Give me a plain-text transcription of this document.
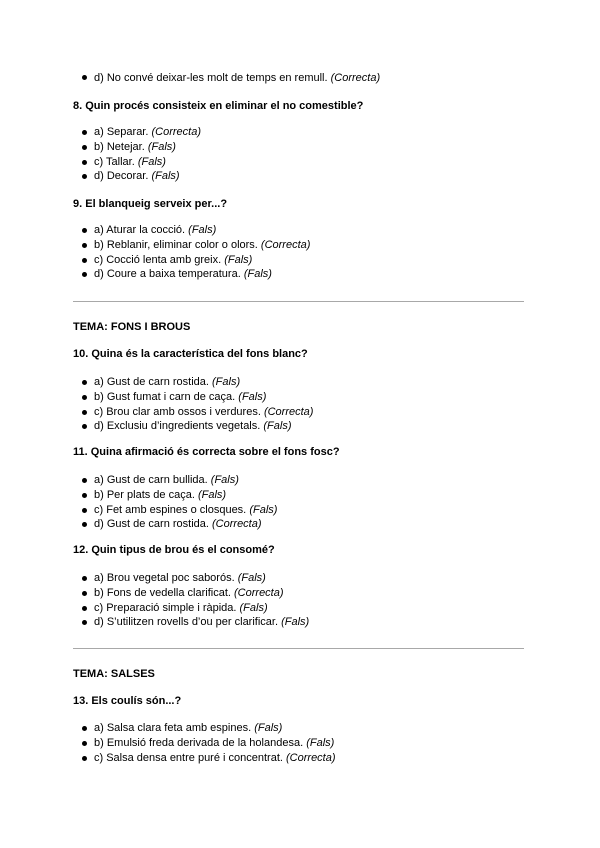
d) No convé deixar-les molt de temps en remull. (Correcta)
8. Quin procés consisteix en eliminar el no comestible?
a) Separar. (Correcta)
b) Netejar. (Fals)
c) Tallar. (Fals)
d) Decorar. (Fals)
9. El blanqueig serveix per...?
a) Aturar la cocció. (Fals)
b) Reblanir, eliminar color o olors. (Correcta)
c) Cocció lenta amb greix. (Fals)
d) Coure a baixa temperatura. (Fals)
TEMA: FONS I BROUS
10. Quina és la característica del fons blanc?
a) Gust de carn rostida. (Fals)
b) Gust fumat i carn de caça. (Fals)
c) Brou clar amb ossos i verdures. (Correcta)
d) Exclusiu d’ingredients vegetals. (Fals)
11. Quina afirmació és correcta sobre el fons fosc?
a) Gust de carn bullida. (Fals)
b) Per plats de caça. (Fals)
c) Fet amb espines o closques. (Fals)
d) Gust de carn rostida. (Correcta)
12. Quin tipus de brou és el consomé?
a) Brou vegetal poc saborós. (Fals)
b) Fons de vedella clarificat. (Correcta)
c) Preparació simple i ràpida. (Fals)
d) S’utilitzen rovells d’ou per clarificar. (Fals)
TEMA: SALSES
13. Els coulís són...?
a) Salsa clara feta amb espines. (Fals)
b) Emulsió freda derivada de la holandesa. (Fals)
c) Salsa densa entre puré i concentrat. (Correcta)
